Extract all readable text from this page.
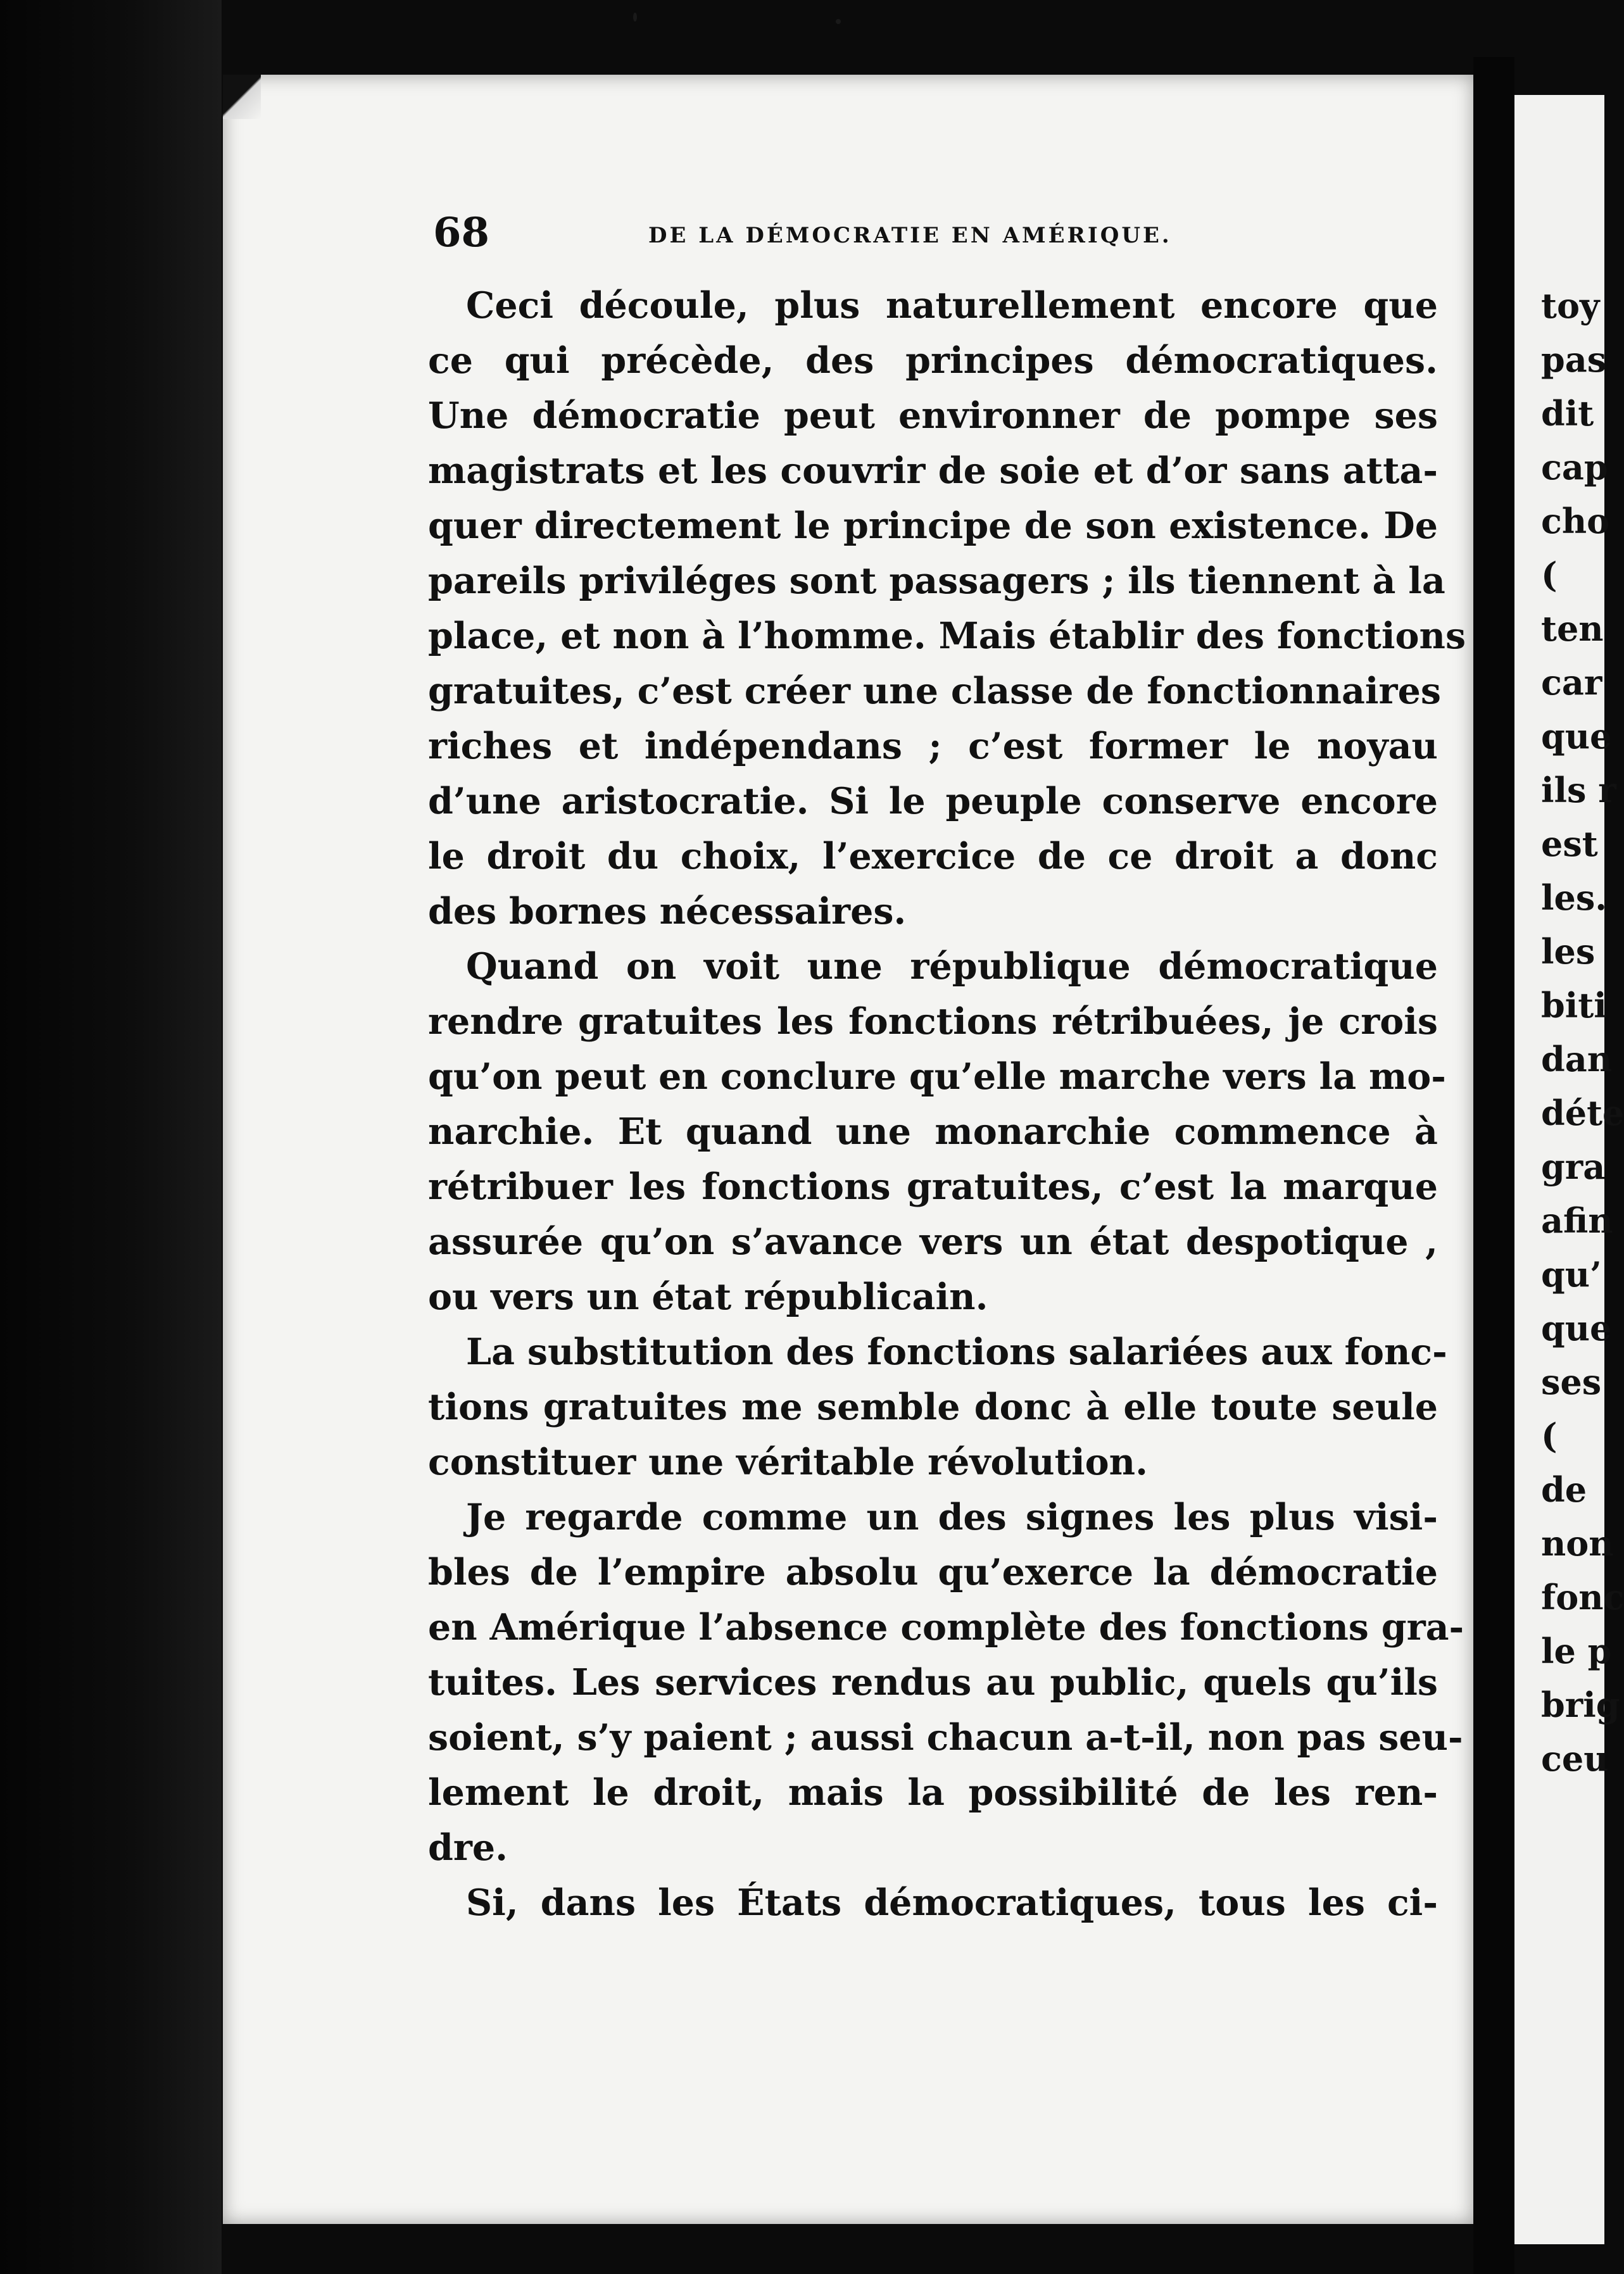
68	DE LA DÉMOCRATIE EN AMÉRIQUE.
Ceci découle, plus naturellement encore que
ce qui précède, des principes démocratiques.
Une démocratie peut environner de pompe ses
magistrats et les couvrir de soie et d’or sans atta-
quer directement le principe de son existence. De
pareils priviléges sont passagers ; ils tiennent à la
place, et non à l’homme. Mais établir des fonctions
gratuites, c’est créer une classe de fonctionnaires
riches et indépendans ; c’est former le noyau
d’une aristocratie. Si le peuple conserve encore
le droit du choix, l’exercice de ce droit a donc
des bornes nécessaires.
Quand on voit une république démocratique
rendre gratuites les fonctions rétribuées, je crois
qu’on peut en conclure qu’elle marche vers la mo-
narchie. Et quand une monarchie commence à
rétribuer les fonctions gratuites, c’est la marque
assurée qu’on s’avance vers un état despotique ,
ou vers un état républicain.
La substitution des fonctions salariées aux fonc-
tions gratuites me semble donc à elle toute seule
constituer une véritable révolution.
Je regarde comme un des signes les plus visi-
bles de l’empire absolu qu’exerce la démocratie
en Amérique l’absence complète des fonctions gra-
tuites. Les services rendus au public, quels qu’ils
soient, s’y paient ; aussi chacun a-t-il, non pas seu-
lement le droit, mais la possibilité de les ren-
dre.
Si, dans les États démocratiques, tous les ci-
toy
pas
dit
cap
cho
(
ten
car
que
ils r
est
les.
les
biti
dan
déte
gra
afin
qu’
que
ses
(
de
non
fonc
le p
brig
ceu
